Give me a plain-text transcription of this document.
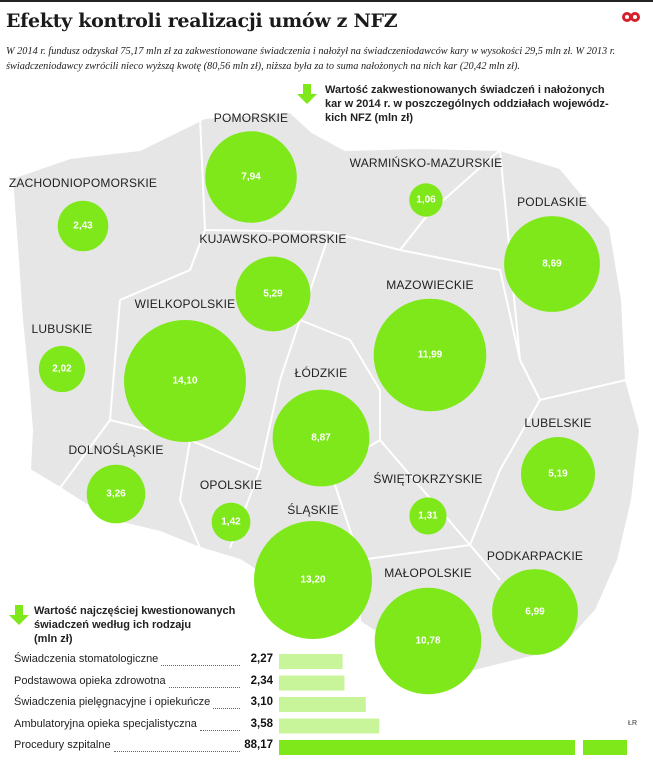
Efekty kontroli realizacji umów z NFZ
W 2014 r. fundusz odzyskał 75,17 mln zł za zakwestionowane świadczenia i nałożył na świadczeniodawców kary w wysokości 29,5 mln zł. W 2013 r.
świadczeniodawcy zwrócili nieco wyższą kwotę (80,56 mln zł), niższa była za to suma nałożonych na nich kar (20,42 mln zł).
Wartość zakwestionowanych świadczeń i nałożonych
kar w 2014 r. w poszczególnych oddziałach wojewódz-
kich NFZ (mln zł)
7,94
POMORSKIE
1,06
WARMIŃSKO-MAZURSKIE
2,43
ZACHODNIOPOMORSKIE
8,69
PODLASKIE
5,29
KUJAWSKO-POMORSKIE
11,99
MAZOWIECKIE
2,02
LUBUSKIE
14,10
WIELKOPOLSKIE
8,87
ŁÓDZKIE
5,19
LUBELSKIE
3,26
DOLNOŚLĄSKIE
1,42
OPOLSKIE
1,31
ŚWIĘTOKRZYSKIE
13,20
ŚLĄSKIE
6,99
PODKARPACKIE
10,78
MAŁOPOLSKIE
Wartość najczęściej kwestionowanych
świadczeń według ich rodzaju
(mln zł)
Świadczenia stomatologiczne	2,27
Podstawowa opieka zdrowotna	2,34
Świadczenia pielęgnacyjne i opiekuńcze	3,10
Ambulatoryjna opieka specjalistyczna	3,58
Procedury szpitalne	88,17
ŁR
